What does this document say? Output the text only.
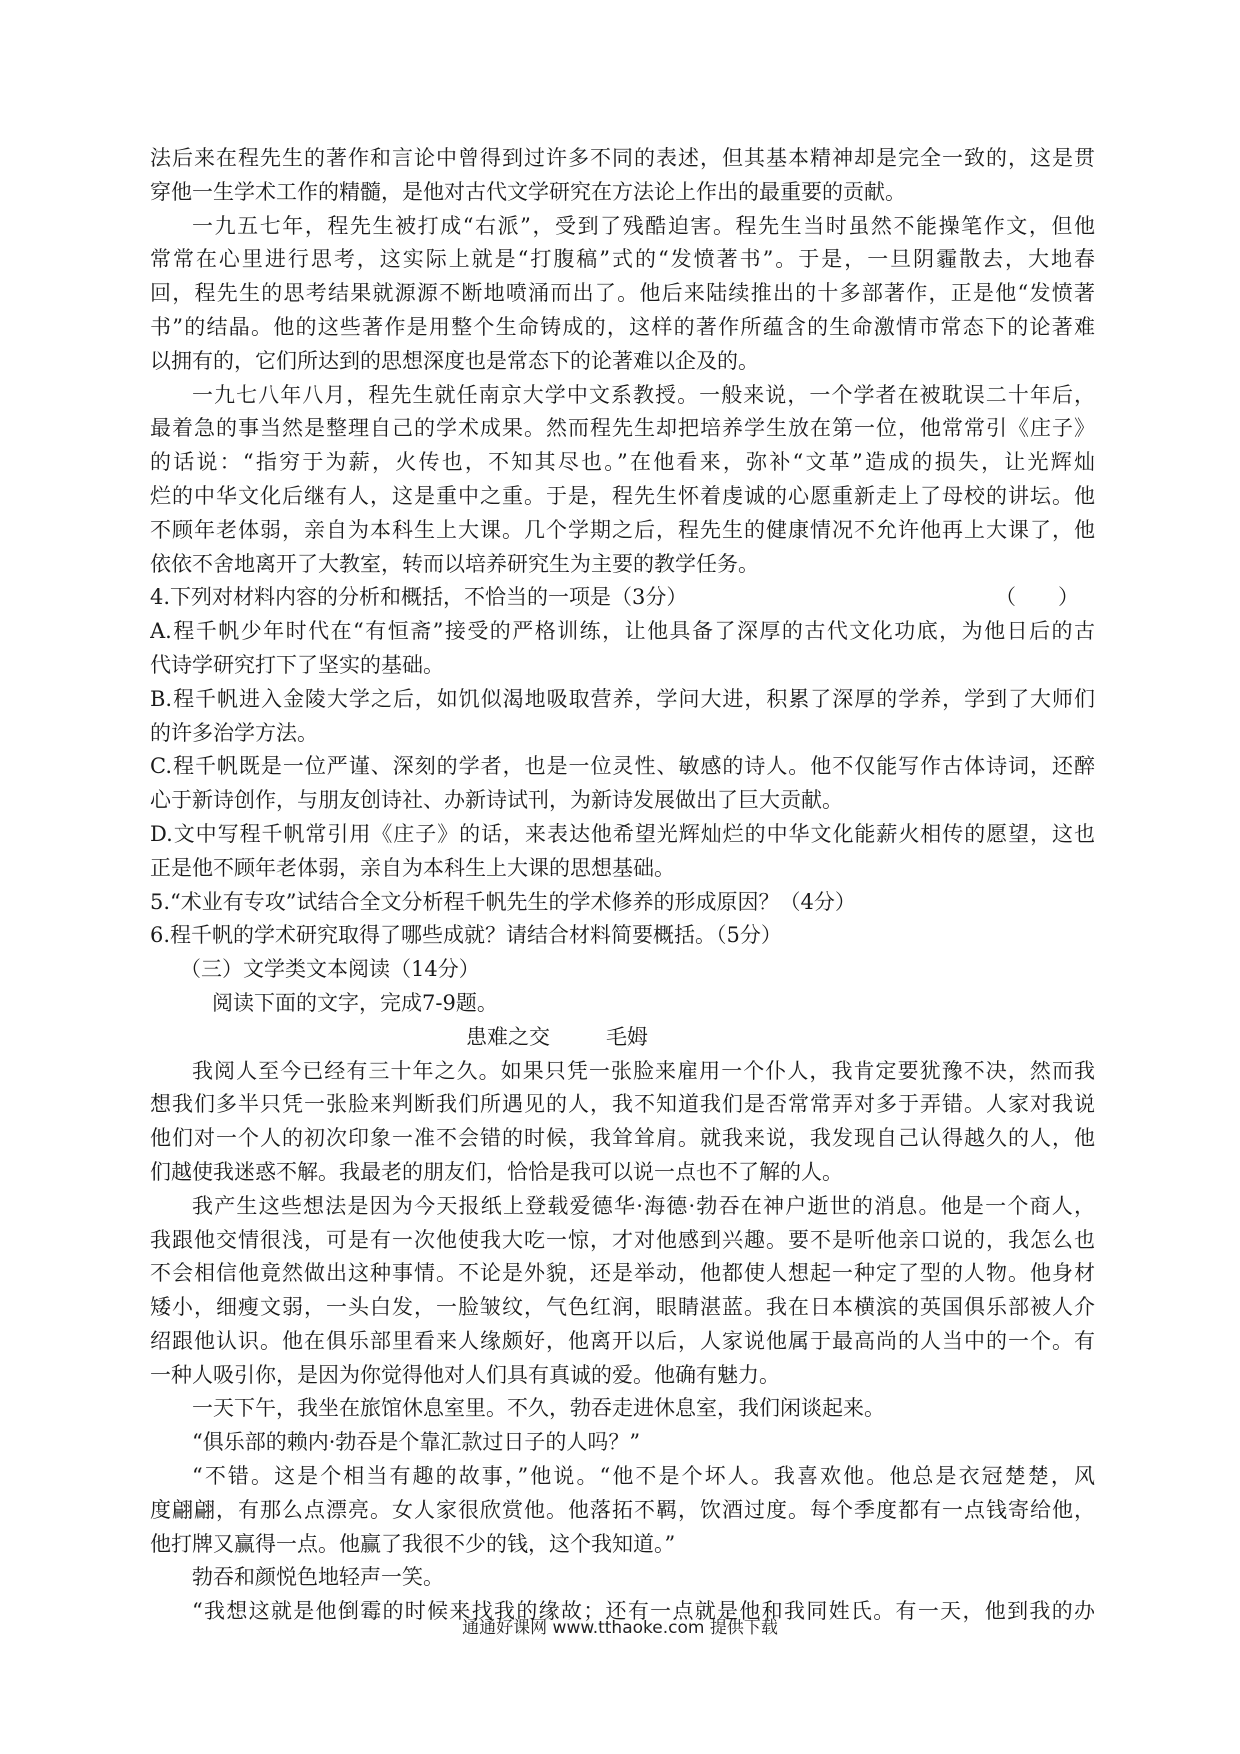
法后来在程先生的著作和言论中曾得到过许多不同的表述，但其基本精神却是完全一致的，这是贯
穿他一生学术工作的精髓，是他对古代文学研究在方法论上作出的最重要的贡献。
一九五七年，程先生被打成“右派”，受到了残酷迫害。程先生当时虽然不能操笔作文，但他
常常在心里进行思考，这实际上就是“打腹稿”式的“发愤著书”。于是，一旦阴霾散去，大地春
回，程先生的思考结果就源源不断地喷涌而出了。他后来陆续推出的十多部著作，正是他“发愤著
书”的结晶。他的这些著作是用整个生命铸成的，这样的著作所蕴含的生命激情市常态下的论著难
以拥有的，它们所达到的思想深度也是常态下的论著难以企及的。
一九七八年八月，程先生就任南京大学中文系教授。一般来说，一个学者在被耽误二十年后，
最着急的事当然是整理自己的学术成果。然而程先生却把培养学生放在第一位，他常常引《庄子》
的话说：“指穷于为薪，火传也，不知其尽也。”在他看来，弥补“文革”造成的损失，让光辉灿
烂的中华文化后继有人，这是重中之重。于是，程先生怀着虔诚的心愿重新走上了母校的讲坛。他
不顾年老体弱，亲自为本科生上大课。几个学期之后，程先生的健康情况不允许他再上大课了，他
依依不舍地离开了大教室，转而以培养研究生为主要的教学任务。
4.下列对材料内容的分析和概括，不恰当的一项是（3分）	（　　）
A.程千帆少年时代在“有恒斋”接受的严格训练，让他具备了深厚的古代文化功底，为他日后的古
代诗学研究打下了坚实的基础。
B.程千帆进入金陵大学之后，如饥似渴地吸取营养，学问大进，积累了深厚的学养，学到了大师们
的许多治学方法。
C.程千帆既是一位严谨、深刻的学者，也是一位灵性、敏感的诗人。他不仅能写作古体诗词，还醉
心于新诗创作，与朋友创诗社、办新诗试刊，为新诗发展做出了巨大贡献。
D.文中写程千帆常引用《庄子》的话，来表达他希望光辉灿烂的中华文化能薪火相传的愿望，这也
正是他不顾年老体弱，亲自为本科生上大课的思想基础。
5.“术业有专攻”试结合全文分析程千帆先生的学术修养的形成原因？（4分）
6.程千帆的学术研究取得了哪些成就？请结合材料简要概括。（5分）
（三）文学类文本阅读（14分）
阅读下面的文字，完成7-9题。
患难之交	毛姆
我阅人至今已经有三十年之久。如果只凭一张脸来雇用一个仆人，我肯定要犹豫不决，然而我
想我们多半只凭一张脸来判断我们所遇见的人，我不知道我们是否常常弄对多于弄错。人家对我说
他们对一个人的初次印象一准不会错的时候，我耸耸肩。就我来说，我发现自己认得越久的人，他
们越使我迷惑不解。我最老的朋友们，恰恰是我可以说一点也不了解的人。
我产生这些想法是因为今天报纸上登载爱德华·海德·勃吞在神户逝世的消息。他是一个商人，
我跟他交情很浅，可是有一次他使我大吃一惊，才对他感到兴趣。要不是听他亲口说的，我怎么也
不会相信他竟然做出这种事情。不论是外貌，还是举动，他都使人想起一种定了型的人物。他身材
矮小，细瘦文弱，一头白发，一脸皱纹，气色红润，眼睛湛蓝。我在日本横滨的英国俱乐部被人介
绍跟他认识。他在俱乐部里看来人缘颇好，他离开以后，人家说他属于最高尚的人当中的一个。有
一种人吸引你，是因为你觉得他对人们具有真诚的爱。他确有魅力。
一天下午，我坐在旅馆休息室里。不久，勃吞走进休息室，我们闲谈起来。
“俱乐部的赖内·勃吞是个靠汇款过日子的人吗？”
“不错。这是个相当有趣的故事，”他说。“他不是个坏人。我喜欢他。他总是衣冠楚楚，风
度翩翩，有那么点漂亮。女人家很欣赏他。他落拓不羁，饮酒过度。每个季度都有一点钱寄给他，
他打牌又赢得一点。他赢了我很不少的钱，这个我知道。”
勃吞和颜悦色地轻声一笑。
“我想这就是他倒霉的时候来找我的缘故；还有一点就是他和我同姓氏。有一天，他到我的办
通通好课网 www.tthaoke.com 提供下载
